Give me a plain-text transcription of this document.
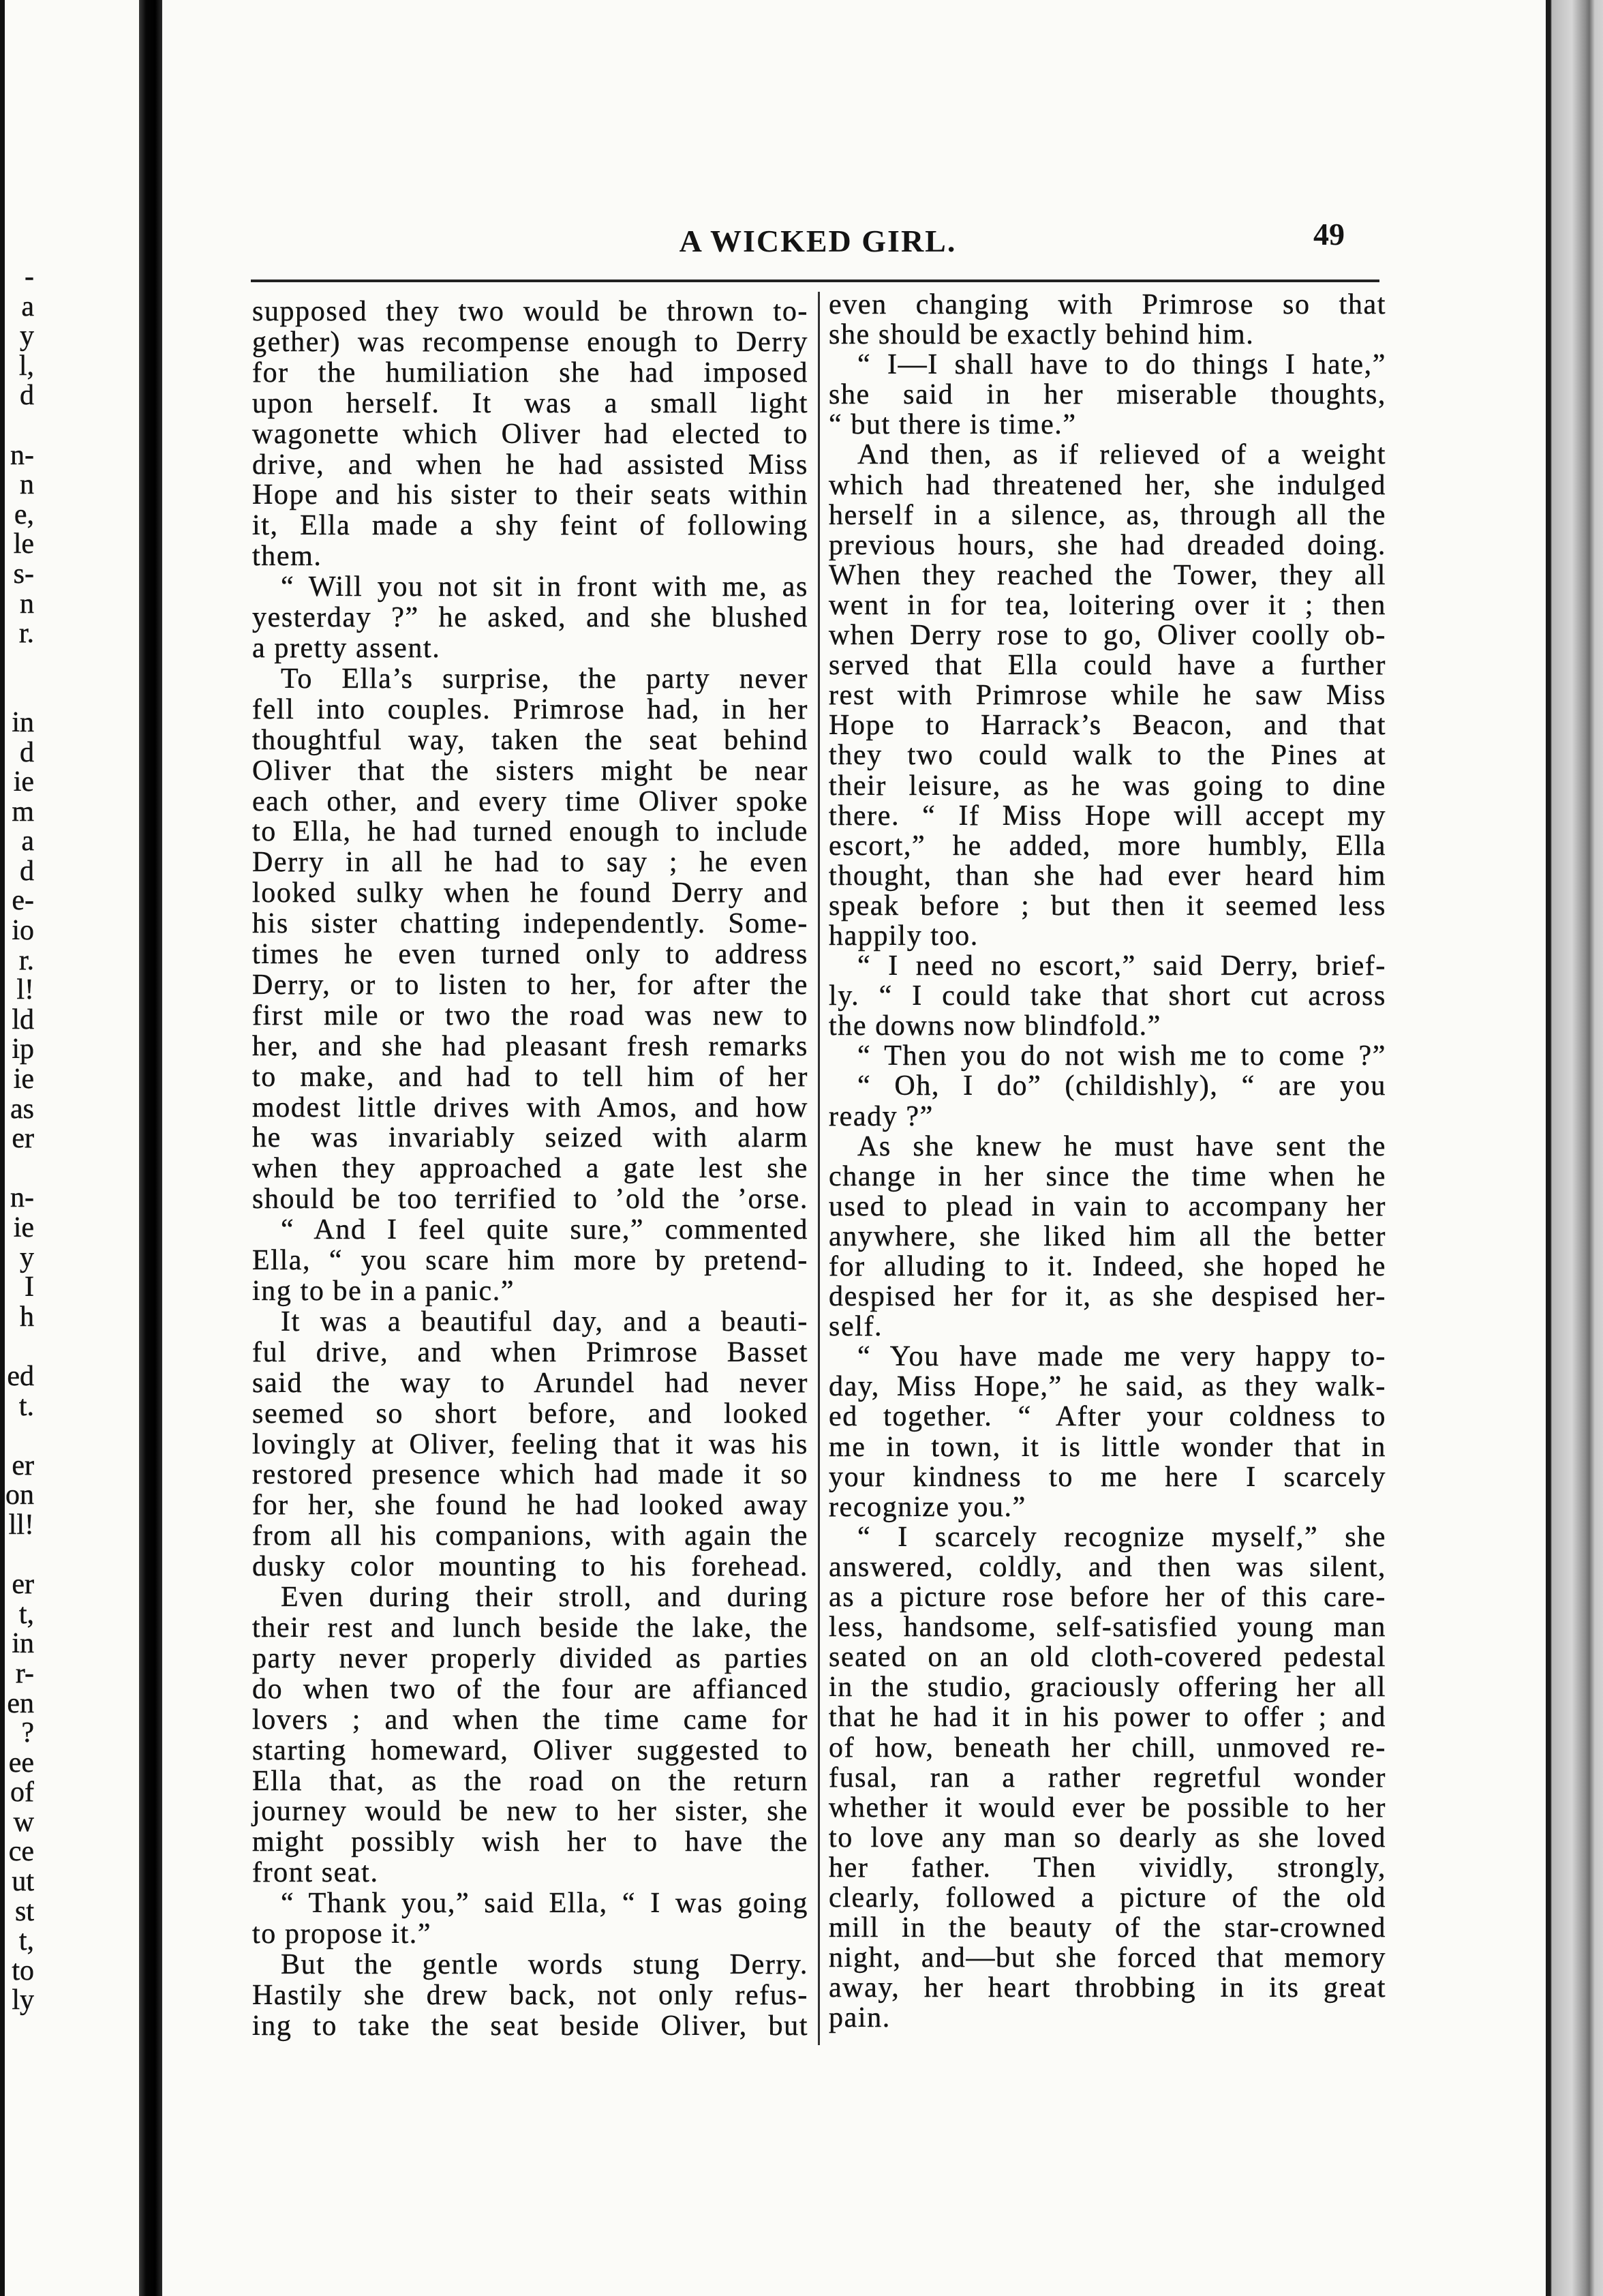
-
a
y
l,
d
n-
n
e,
le
s-
n
r.
in
d
ie
m
a
d
e-
io
r.
l!
ld
ip
ie
as
er
n-
ie
y
I
h
ed
t.
er
on
ll!
er
t,
in
r-
en
?
ee
of
w
ce
ut
st
t,
to
ly
A WICKED GIRL.	49
supposed they two would be thrown to-
gether) was recompense enough to Derry
for the humiliation she had imposed
upon herself. It was a small light
wagonette which Oliver had elected to
drive, and when he had assisted Miss
Hope and his sister to their seats within
it, Ella made a shy feint of following
them.
“ Will you not sit in front with me, as
yesterday ?” he asked, and she blushed
a pretty assent.
To Ella’s surprise, the party never
fell into couples. Primrose had, in her
thoughtful way, taken the seat behind
Oliver that the sisters might be near
each other, and every time Oliver spoke
to Ella, he had turned enough to include
Derry in all he had to say ; he even
looked sulky when he found Derry and
his sister chatting independently. Some-
times he even turned only to address
Derry, or to listen to her, for after the
first mile or two the road was new to
her, and she had pleasant fresh remarks
to make, and had to tell him of her
modest little drives with Amos, and how
he was invariably seized with alarm
when they approached a gate lest she
should be too terrified to ’old the ’orse.
“ And I feel quite sure,” commented
Ella, “ you scare him more by pretend-
ing to be in a panic.”
It was a beautiful day, and a beauti-
ful drive, and when Primrose Basset
said the way to Arundel had never
seemed so short before, and looked
lovingly at Oliver, feeling that it was his
restored presence which had made it so
for her, she found he had looked away
from all his companions, with again the
dusky color mounting to his forehead.
Even during their stroll, and during
their rest and lunch beside the lake, the
party never properly divided as parties
do when two of the four are affianced
lovers ; and when the time came for
starting homeward, Oliver suggested to
Ella that, as the road on the return
journey would be new to her sister, she
might possibly wish her to have the
front seat.
“ Thank you,” said Ella, “ I was going
to propose it.”
But the gentle words stung Derry.
Hastily she drew back, not only refus-
ing to take the seat beside Oliver, but
even changing with Primrose so that
she should be exactly behind him.
“ I—I shall have to do things I hate,”
she said in her miserable thoughts,
“ but there is time.”
And then, as if relieved of a weight
which had threatened her, she indulged
herself in a silence, as, through all the
previous hours, she had dreaded doing.
When they reached the Tower, they all
went in for tea, loitering over it ; then
when Derry rose to go, Oliver coolly ob-
served that Ella could have a further
rest with Primrose while he saw Miss
Hope to Harrack’s Beacon, and that
they two could walk to the Pines at
their leisure, as he was going to dine
there. “ If Miss Hope will accept my
escort,” he added, more humbly, Ella
thought, than she had ever heard him
speak before ; but then it seemed less
happily too.
“ I need no escort,” said Derry, brief-
ly. “ I could take that short cut across
the downs now blindfold.”
“ Then you do not wish me to come ?”
“ Oh, I do” (childishly), “ are you
ready ?”
As she knew he must have sent the
change in her since the time when he
used to plead in vain to accompany her
anywhere, she liked him all the better
for alluding to it. Indeed, she hoped he
despised her for it, as she despised her-
self.
“ You have made me very happy to-
day, Miss Hope,” he said, as they walk-
ed together. “ After your coldness to
me in town, it is little wonder that in
your kindness to me here I scarcely
recognize you.”
“ I scarcely recognize myself,” she
answered, coldly, and then was silent,
as a picture rose before her of this care-
less, handsome, self-satisfied young man
seated on an old cloth-covered pedestal
in the studio, graciously offering her all
that he had it in his power to offer ; and
of how, beneath her chill, unmoved re-
fusal, ran a rather regretful wonder
whether it would ever be possible to her
to love any man so dearly as she loved
her father. Then vividly, strongly,
clearly, followed a picture of the old
mill in the beauty of the star-crowned
night, and—but she forced that memory
away, her heart throbbing in its great
pain.
